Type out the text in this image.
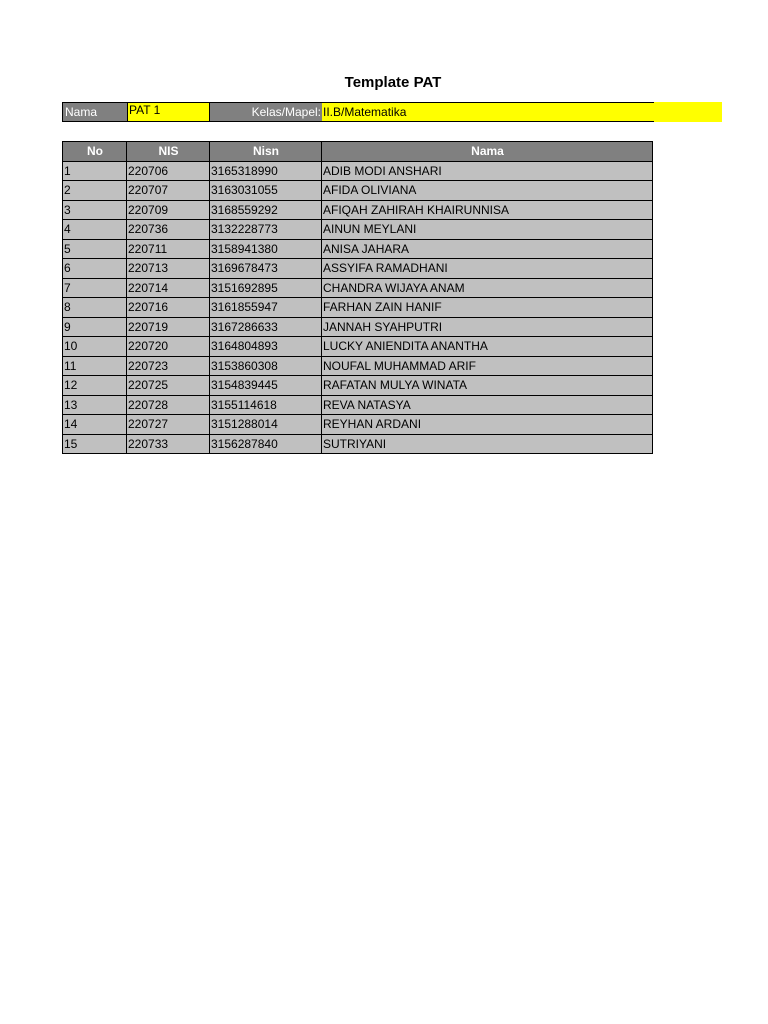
Template PAT
Nama	PAT 1	Kelas/Mapel: II.B/Matematika
No	NIS	Nisn	Nama
1	220706	3165318990	ADIB MODI ANSHARI
2	220707	3163031055	AFIDA OLIVIANA
3	220709	3168559292	AFIQAH ZAHIRAH KHAIRUNNISA
4	220736	3132228773	AINUN MEYLANI
5	220711	3158941380	ANISA JAHARA
6	220713	3169678473	ASSYIFA RAMADHANI
7	220714	3151692895	CHANDRA WIJAYA ANAM
8	220716	3161855947	FARHAN ZAIN HANIF
9	220719	3167286633	JANNAH SYAHPUTRI
10	220720	3164804893	LUCKY ANIENDITA ANANTHA
11	220723	3153860308	NOUFAL MUHAMMAD ARIF
12	220725	3154839445	RAFATAN MULYA WINATA
13	220728	3155114618	REVA NATASYA
14	220727	3151288014	REYHAN ARDANI
15	220733	3156287840	SUTRIYANI
